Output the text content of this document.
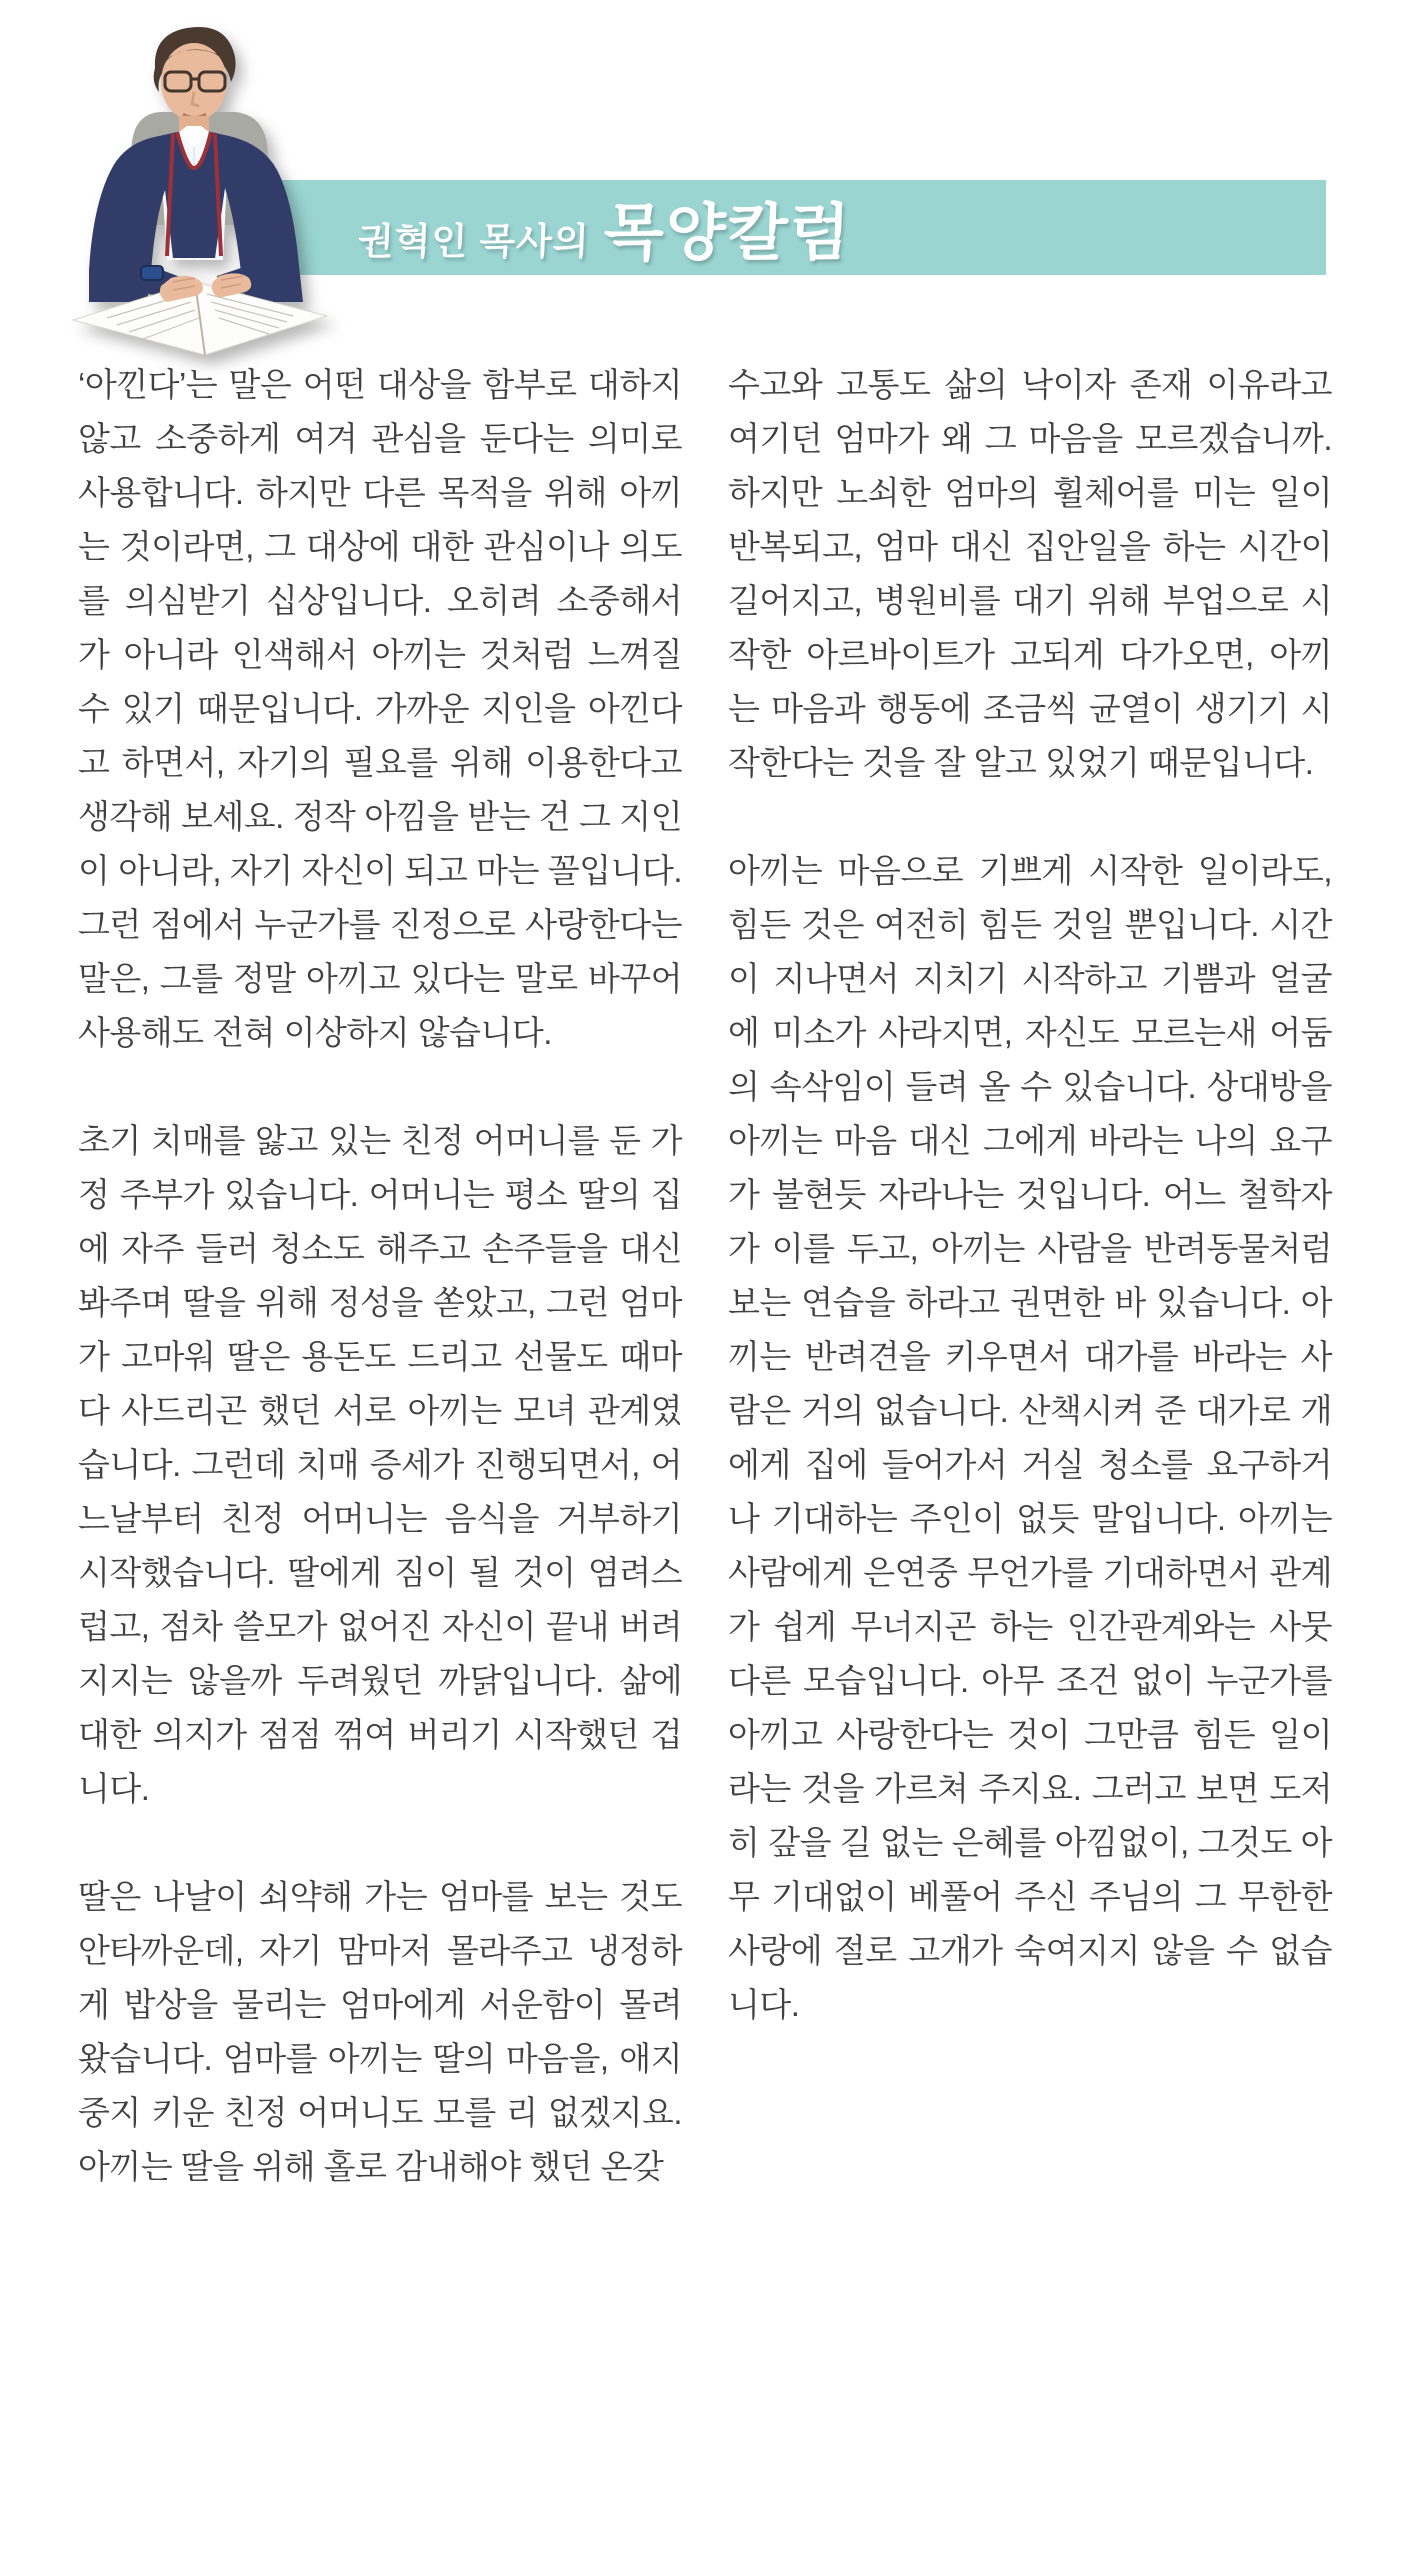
권혁인 목사의 목양칼럼

‘아낀다’는 말은 어떤 대상을 함부로 대하지 않고 소중하게 여겨 관심을 둔다는 의미로 사용합니다. 하지만 다른 목적을 위해 아끼는 것이라면, 그 대상에 대한 관심이나 의도를 의심받기 십상입니다. 오히려 소중해서가 아니라 인색해서 아끼는 것처럼 느껴질 수 있기 때문입니다. 가까운 지인을 아낀다고 하면서, 자기의 필요를 위해 이용한다고 생각해 보세요. 정작 아낌을 받는 건 그 지인이 아니라, 자기 자신이 되고 마는 꼴입니다. 그런 점에서 누군가를 진정으로 사랑한다는 말은, 그를 정말 아끼고 있다는 말로 바꾸어 사용해도 전혀 이상하지 않습니다.

초기 치매를 앓고 있는 친정 어머니를 둔 가정 주부가 있습니다. 어머니는 평소 딸의 집에 자주 들러 청소도 해주고 손주들을 대신 봐주며 딸을 위해 정성을 쏟았고, 그런 엄마가 고마워 딸은 용돈도 드리고 선물도 때마다 사드리곤 했던 서로 아끼는 모녀 관계였습니다. 그런데 치매 증세가 진행되면서, 어느날부터 친정 어머니는 음식을 거부하기 시작했습니다. 딸에게 짐이 될 것이 염려스럽고, 점차 쓸모가 없어진 자신이 끝내 버려지지는 않을까 두려웠던 까닭입니다. 삶에 대한 의지가 점점 꺾여 버리기 시작했던 겁니다.

딸은 나날이 쇠약해 가는 엄마를 보는 것도 안타까운데, 자기 맘마저 몰라주고 냉정하게 밥상을 물리는 엄마에게 서운함이 몰려왔습니다. 엄마를 아끼는 딸의 마음을, 애지중지 키운 친정 어머니도 모를 리 없겠지요. 아끼는 딸을 위해 홀로 감내해야 했던 온갖

수고와 고통도 삶의 낙이자 존재 이유라고 여기던 엄마가 왜 그 마음을 모르겠습니까. 하지만 노쇠한 엄마의 휠체어를 미는 일이 반복되고, 엄마 대신 집안일을 하는 시간이 길어지고, 병원비를 대기 위해 부업으로 시작한 아르바이트가 고되게 다가오면, 아끼는 마음과 행동에 조금씩 균열이 생기기 시작한다는 것을 잘 알고 있었기 때문입니다.

아끼는 마음으로 기쁘게 시작한 일이라도, 힘든 것은 여전히 힘든 것일 뿐입니다. 시간이 지나면서 지치기 시작하고 기쁨과 얼굴에 미소가 사라지면, 자신도 모르는새 어둠의 속삭임이 들려 올 수 있습니다. 상대방을 아끼는 마음 대신 그에게 바라는 나의 요구가 불현듯 자라나는 것입니다. 어느 철학자가 이를 두고, 아끼는 사람을 반려동물처럼 보는 연습을 하라고 권면한 바 있습니다. 아끼는 반려견을 키우면서 대가를 바라는 사람은 거의 없습니다. 산책시켜 준 대가로 개에게 집에 들어가서 거실 청소를 요구하거나 기대하는 주인이 없듯 말입니다. 아끼는 사람에게 은연중 무언가를 기대하면서 관계가 쉽게 무너지곤 하는 인간관계와는 사뭇 다른 모습입니다. 아무 조건 없이 누군가를 아끼고 사랑한다는 것이 그만큼 힘든 일이라는 것을 가르쳐 주지요. 그러고 보면 도저히 갚을 길 없는 은혜를 아낌없이, 그것도 아무 기대없이 베풀어 주신 주님의 그 무한한 사랑에 절로 고개가 숙여지지 않을 수 없습니다.
